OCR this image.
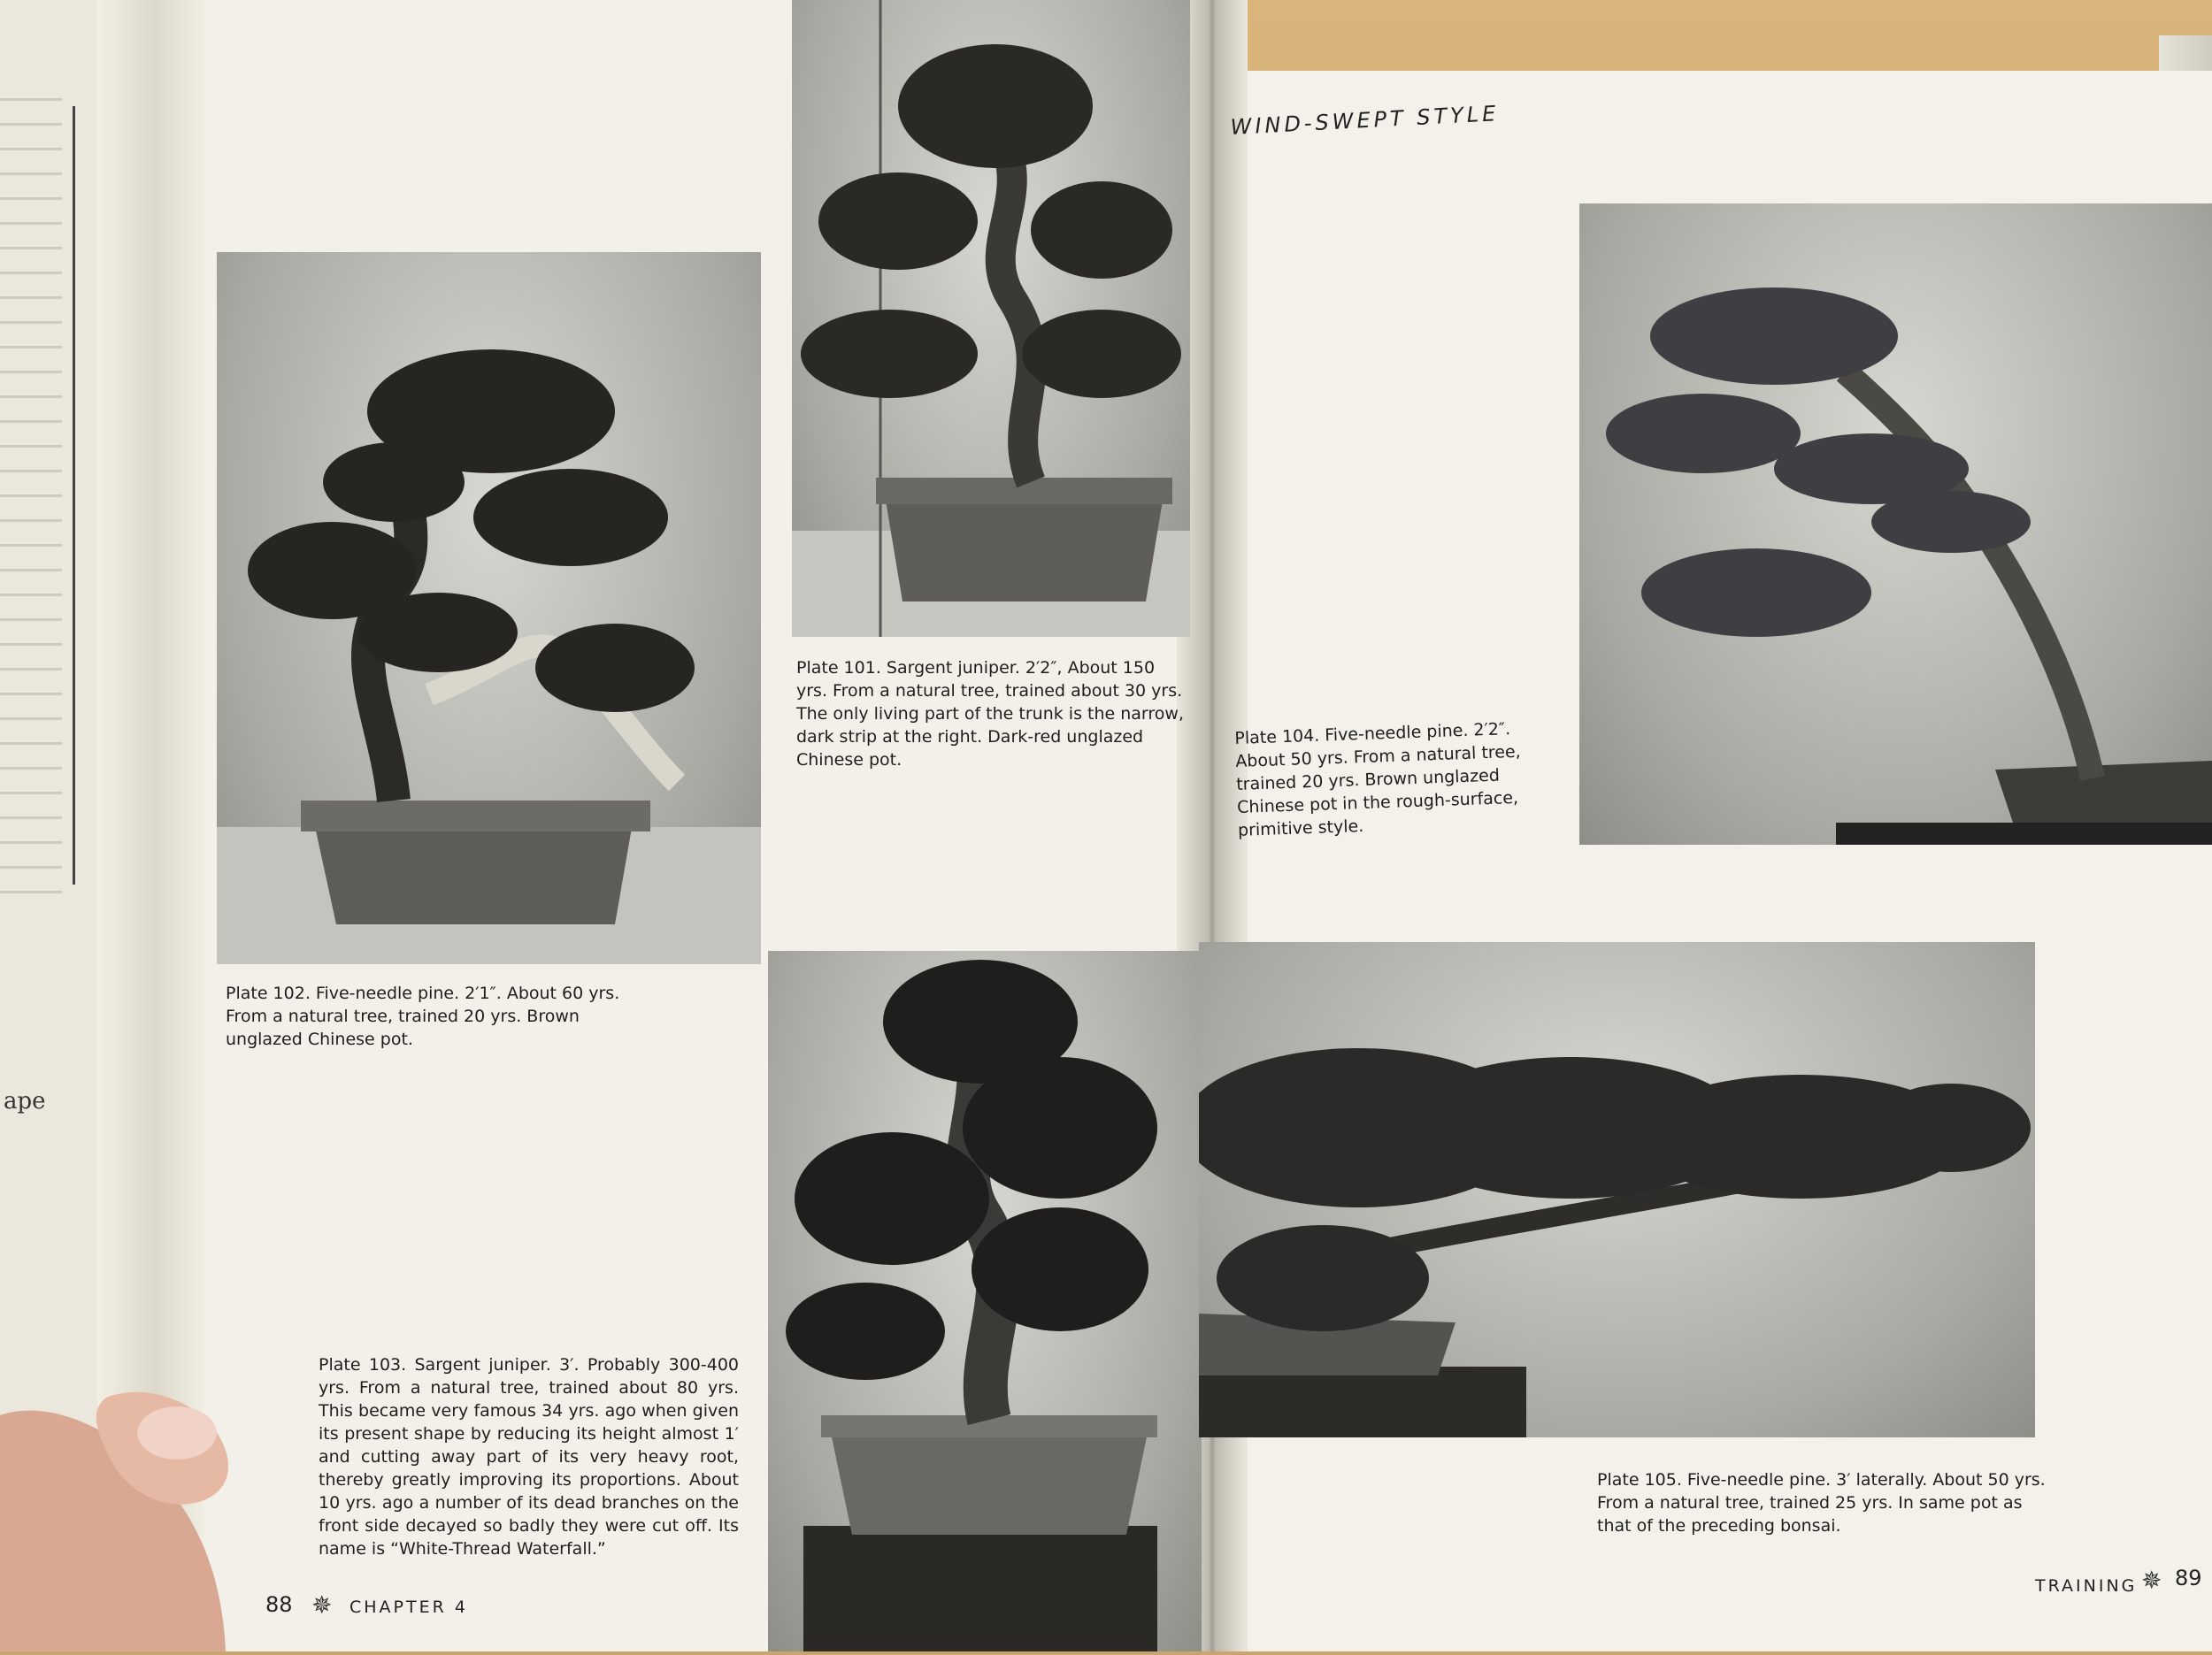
ape

Plate 102. Five-needle pine. 2′1″. About 60 yrs. From a natural tree, trained 20 yrs. Brown unglazed Chinese pot.

Plate 101. Sargent juniper. 2′2″, About 150 yrs. From a natural tree, trained about 30 yrs. The only living part of the trunk is the narrow, dark strip at the right. Dark-red unglazed Chinese pot.

Plate 103. Sargent juniper. 3′. Probably 300-400 yrs. From a natural tree, trained about 80 yrs. This became very famous 34 yrs. ago when given its present shape by reducing its height almost 1′ and cutting away part of its very heavy root, thereby greatly improving its proportions. About 10 yrs. ago a number of its dead branches on the front side decayed so badly they were cut off. Its name is “White-Thread Waterfall.”

88 ✵ CHAPTER 4
WIND-SWEPT STYLE

Plate 104. Five-needle pine. 2′2″. About 50 yrs. From a natural tree, trained 20 yrs. Brown unglazed Chinese pot in the rough-surface, primitive style.

Plate 105. Five-needle pine. 3′ laterally. About 50 yrs. From a natural tree, trained 25 yrs. In same pot as that of the preceding bonsai.

TRAINING ✵ 89
